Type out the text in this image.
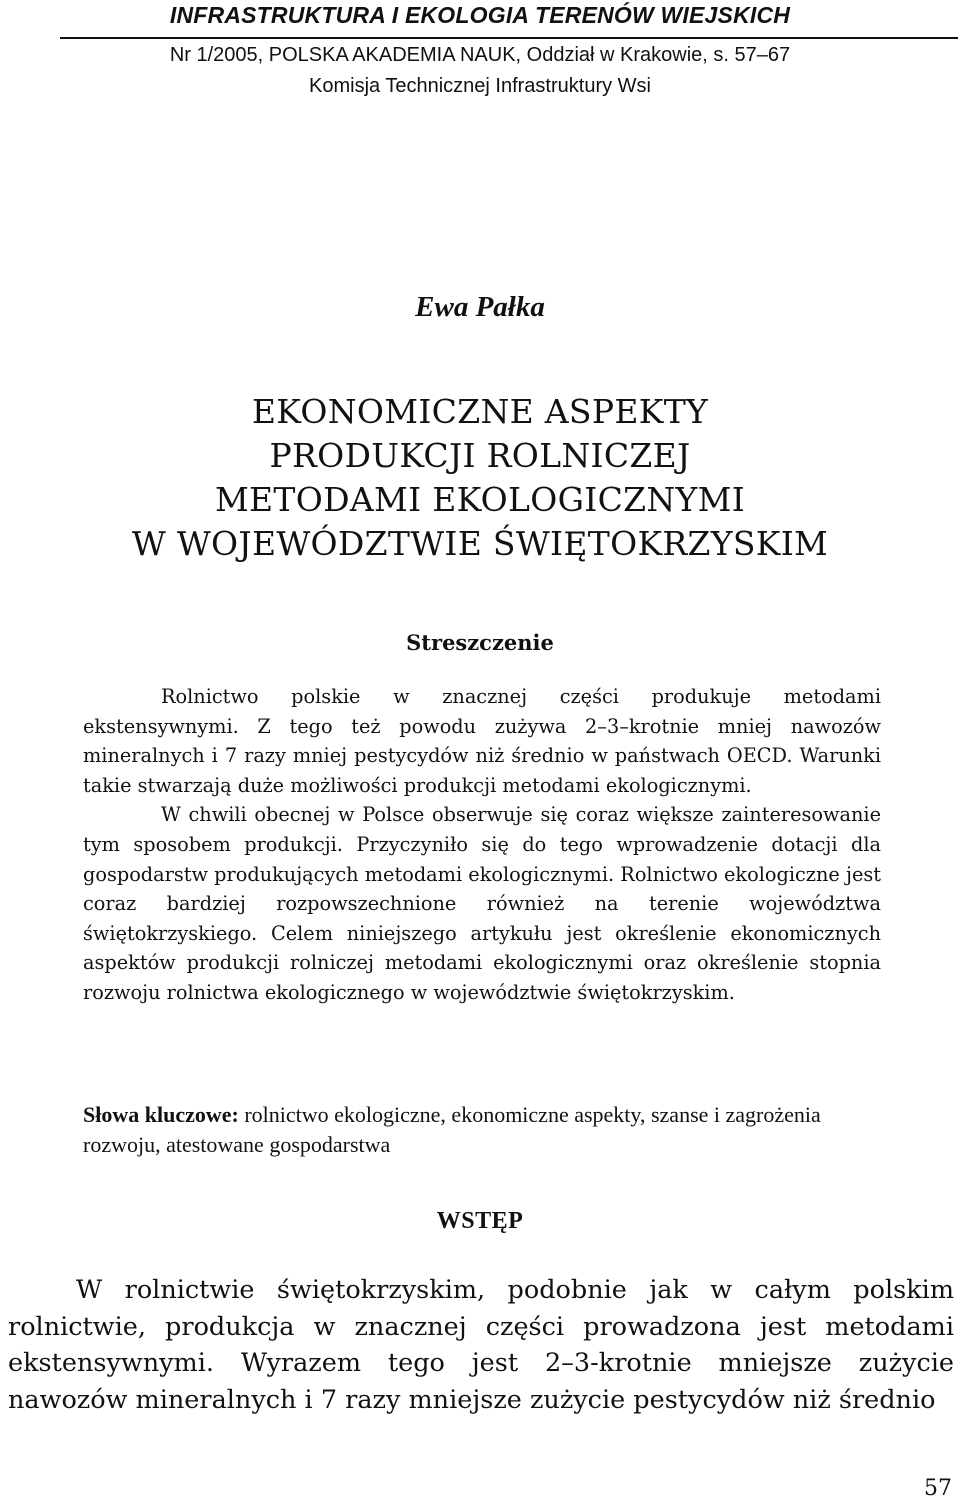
INFRASTRUKTURA I EKOLOGIA TERENÓW WIEJSKICH
Nr 1/2005, POLSKA AKADEMIA NAUK, Oddział w Krakowie, s. 57–67
Komisja Technicznej Infrastruktury Wsi
Ewa Pałka
EKONOMICZNE ASPEKTY
PRODUKCJI ROLNICZEJ
METODAMI EKOLOGICZNYMI
W WOJEWÓDZTWIE ŚWIĘTOKRZYSKIM
Streszczenie

Rolnictwo polskie w znacznej części produkuje metodami ekstensywnymi. Z tego też powodu zużywa 2–3–krotnie mniej nawozów mineralnych i 7 razy mniej pestycydów niż średnio w państwach OECD. Warunki takie stwarzają duże możliwości produkcji metodami ekologicznymi.

W chwili obecnej w Polsce obserwuje się coraz większe zainteresowanie tym sposobem produkcji. Przyczyniło się do tego wprowadzenie dotacji dla gospodarstw produkujących metodami ekologicznymi. Rolnictwo ekologiczne jest coraz bardziej rozpowszechnione również na terenie województwa świętokrzyskiego. Celem niniejszego artykułu jest określenie ekonomicznych aspektów produkcji rolniczej metodami ekologicznymi oraz określenie stopnia rozwoju rolnictwa ekologicznego w województwie świętokrzyskim.

Słowa kluczowe: rolnictwo ekologiczne, ekonomiczne aspekty, szanse i zagrożenia rozwoju, atestowane gospodarstwa
WSTĘP

W rolnictwie świętokrzyskim, podobnie jak w całym polskim rolnictwie, produkcja w znacznej części prowadzona jest metodami ekstensywnymi. Wyrazem tego jest 2–3-krotnie mniejsze zużycie nawozów mineralnych i 7 razy mniejsze zużycie pestycydów niż średnio

57
